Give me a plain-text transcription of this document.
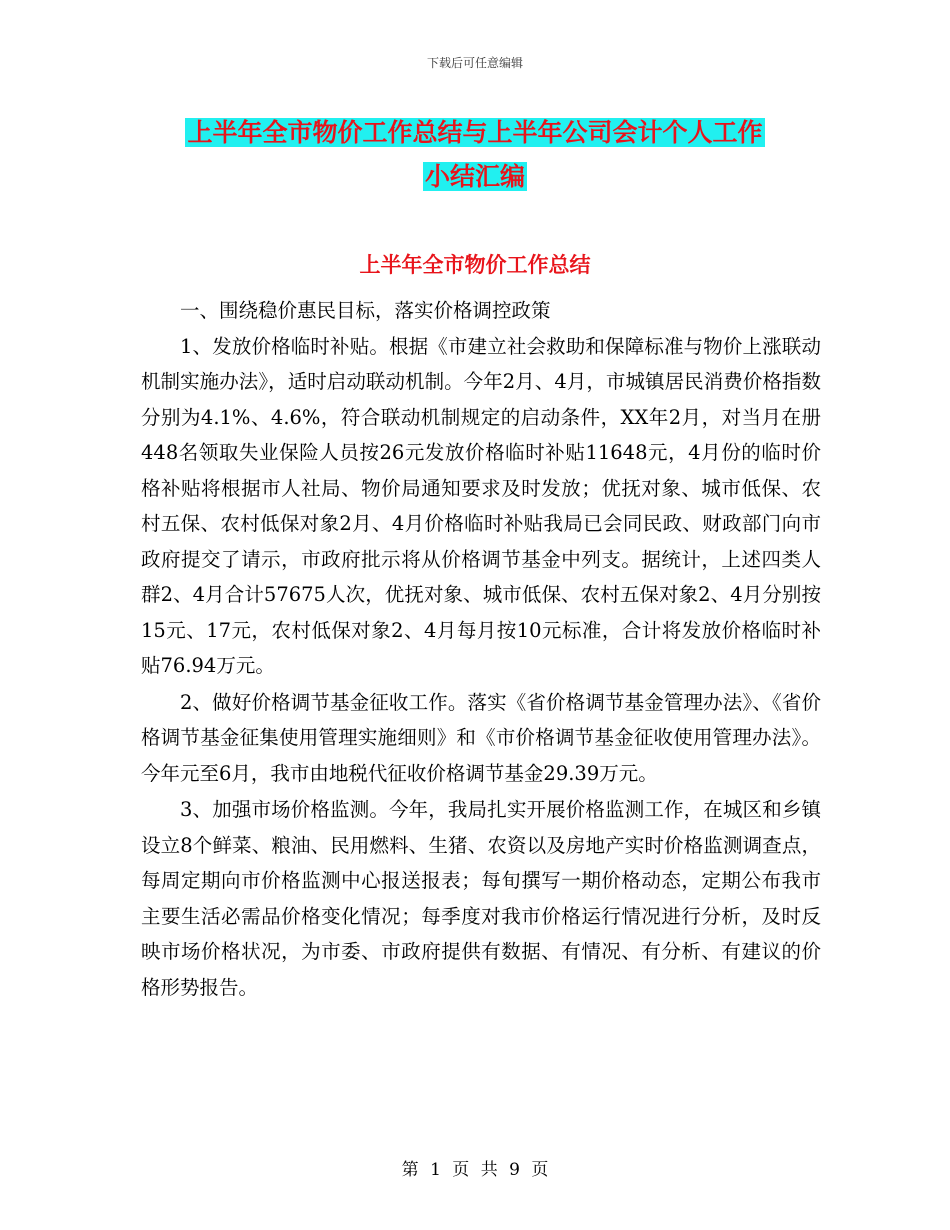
下载后可任意编辑
上半年全市物价工作总结与上半年公司会计个人工作
小结汇编
上半年全市物价工作总结

一、围绕稳价惠民目标，落实价格调控政策

1、发放价格临时补贴。根据《市建立社会救助和保障标准与物价上涨联动机制实施办法》，适时启动联动机制。今年2月、4月，市城镇居民消费价格指数分别为4.1%、4.6%，符合联动机制规定的启动条件，XX年2月，对当月在册448名领取失业保险人员按26元发放价格临时补贴11648元，4月份的临时价格补贴将根据市人社局、物价局通知要求及时发放；优抚对象、城市低保、农村五保、农村低保对象2月、4月价格临时补贴我局已会同民政、财政部门向市政府提交了请示，市政府批示将从价格调节基金中列支。据统计，上述四类人群2、4月合计57675人次，优抚对象、城市低保、农村五保对象2、4月分别按15元、17元，农村低保对象2、4月每月按10元标准，合计将发放价格临时补贴76.94万元。

2、做好价格调节基金征收工作。落实《省价格调节基金管理办法》、《省价格调节基金征集使用管理实施细则》和《市价格调节基金征收使用管理办法》。今年元至6月，我市由地税代征收价格调节基金29.39万元。

3、加强市场价格监测。今年，我局扎实开展价格监测工作，在城区和乡镇设立8个鲜菜、粮油、民用燃料、生猪、农资以及房地产实时价格监测调查点，每周定期向市价格监测中心报送报表；每旬撰写一期价格动态，定期公布我市主要生活必需品价格变化情况；每季度对我市价格运行情况进行分析，及时反映市场价格状况，为市委、市政府提供有数据、有情况、有分析、有建议的价格形势报告。

第 1 页 共 9 页
